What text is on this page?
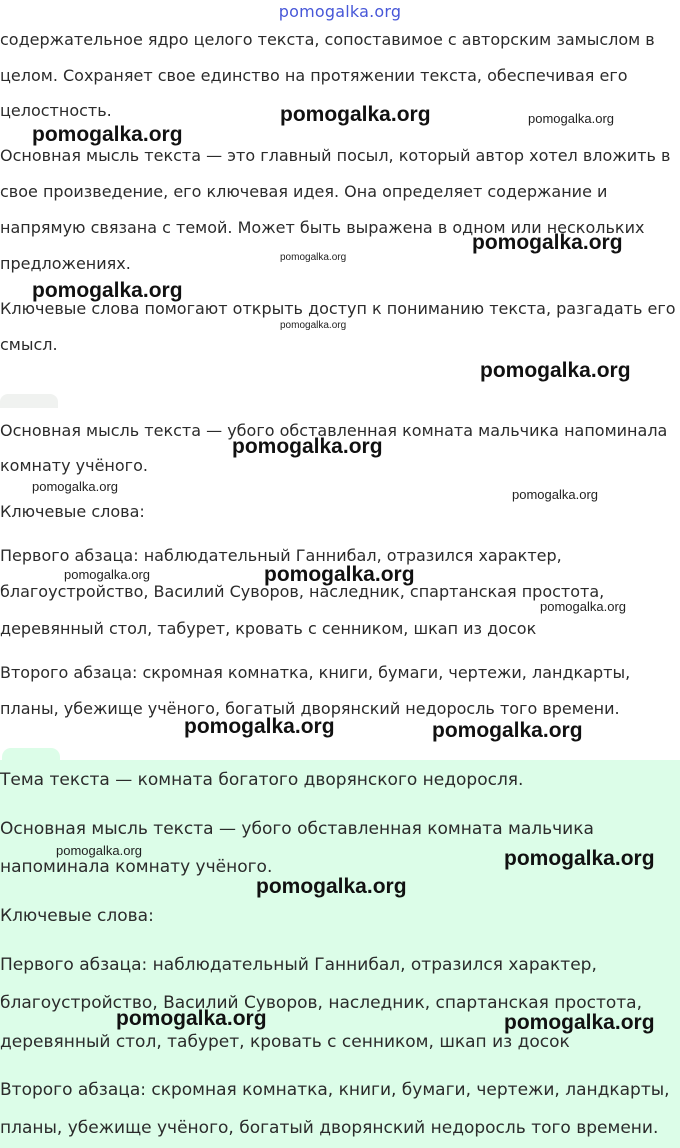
pomogalka.org
содержательное ядро целого текста, сопоставимое с авторским замыслом в
целом. Сохраняет свое единство на протяжении текста, обеспечивая его
целостность.
Основная мысль текста — это главный посыл, который автор хотел вложить в
свое произведение, его ключевая идея. Она определяет содержание и
напрямую связана с темой. Может быть выражена в одном или нескольких
предложениях.
Ключевые слова помогают открыть доступ к пониманию текста, разгадать его
смысл.
Основная мысль текста — убого обставленная комната мальчика напоминала
комнату учёного.
Ключевые слова:
Первого абзаца: наблюдательный Ганнибал, отразился характер,
благоустройство, Василий Суворов, наследник, спартанская простота,
деревянный стол, табурет, кровать с сенником, шкап из досок
Второго абзаца: скромная комнатка, книги, бумаги, чертежи, ландкарты,
планы, убежище учёного, богатый дворянский недоросль того времени.
Тема текста — комната богатого дворянского недоросля.
Основная мысль текста — убого обставленная комната мальчика
напоминала комнату учёного.
Ключевые слова:
Первого абзаца: наблюдательный Ганнибал, отразился характер,
благоустройство, Василий Суворов, наследник, спартанская простота,
деревянный стол, табурет, кровать с сенником, шкап из досок
Второго абзаца: скромная комнатка, книги, бумаги, чертежи, ландкарты,
планы, убежище учёного, богатый дворянский недоросль того времени.
pomogalka.org	pomogalka.org
pomogalka.org
pomogalka.org
pomogalka.org
pomogalka.org
pomogalka.org
pomogalka.org
pomogalka.org
pomogalka.org
pomogalka.org
pomogalka.org	pomogalka.org
pomogalka.org
pomogalka.org	pomogalka.org
pomogalka.org	pomogalka.org
pomogalka.org
pomogalka.org	pomogalka.org
